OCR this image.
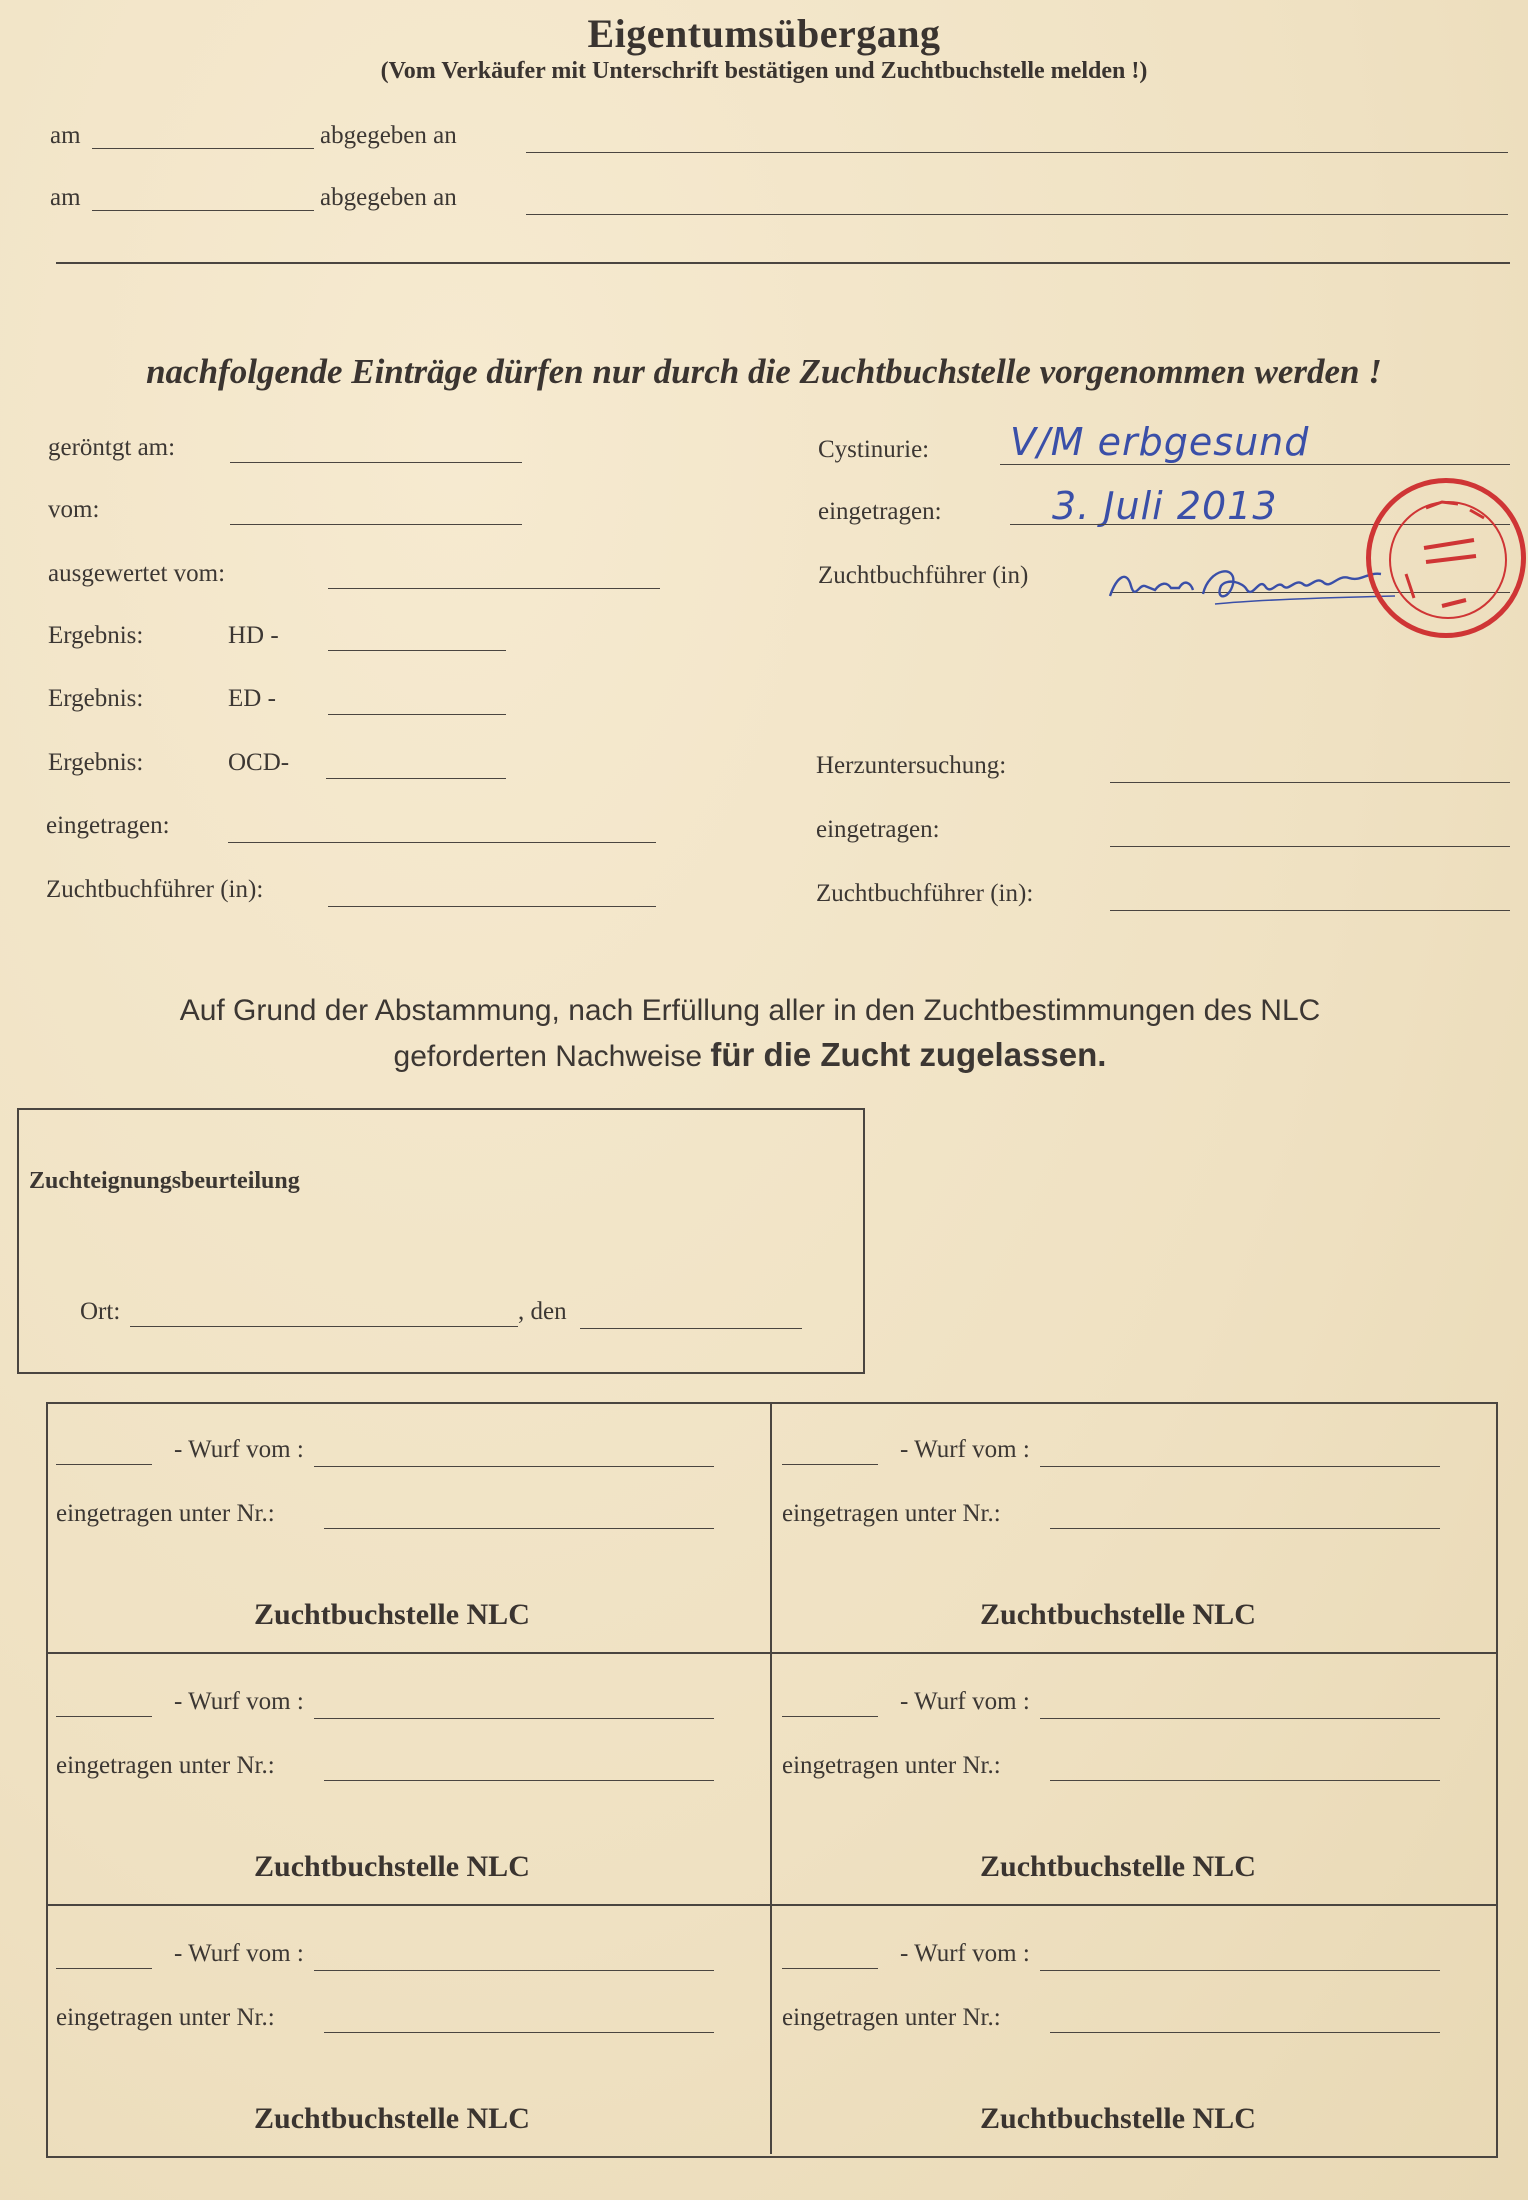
Eigentumsübergang
(Vom Verkäufer mit Unterschrift bestätigen und Zuchtbuchstelle melden !)
am	abgegeben an
am	abgegeben an
nachfolgende Einträge dürfen nur durch die Zuchtbuchstelle vorgenommen werden !
geröntgt am:
vom:
ausgewertet vom:
Ergebnis:	HD -
Ergebnis:	ED -
Ergebnis:	OCD-
eingetragen:
Zuchtbuchführer (in):
Cystinurie: V/M erbgesund
eingetragen:	3. Juli 2013
Zuchtbuchführer (in)
Herzuntersuchung:
eingetragen:
Zuchtbuchführer (in):
Auf Grund der Abstammung, nach Erfüllung aller in den Zuchtbestimmungen des NLC
geforderten Nachweise für die Zucht zugelassen.
Zuchteignungsbeurteilung
Ort:	, den
- Wurf vom :
eingetragen unter Nr.:
Zuchtbuchstelle NLC
- Wurf vom :
eingetragen unter Nr.:
Zuchtbuchstelle NLC
- Wurf vom :
eingetragen unter Nr.:
Zuchtbuchstelle NLC
- Wurf vom :
eingetragen unter Nr.:
Zuchtbuchstelle NLC
- Wurf vom :
eingetragen unter Nr.:
Zuchtbuchstelle NLC
- Wurf vom :
eingetragen unter Nr.:
Zuchtbuchstelle NLC
